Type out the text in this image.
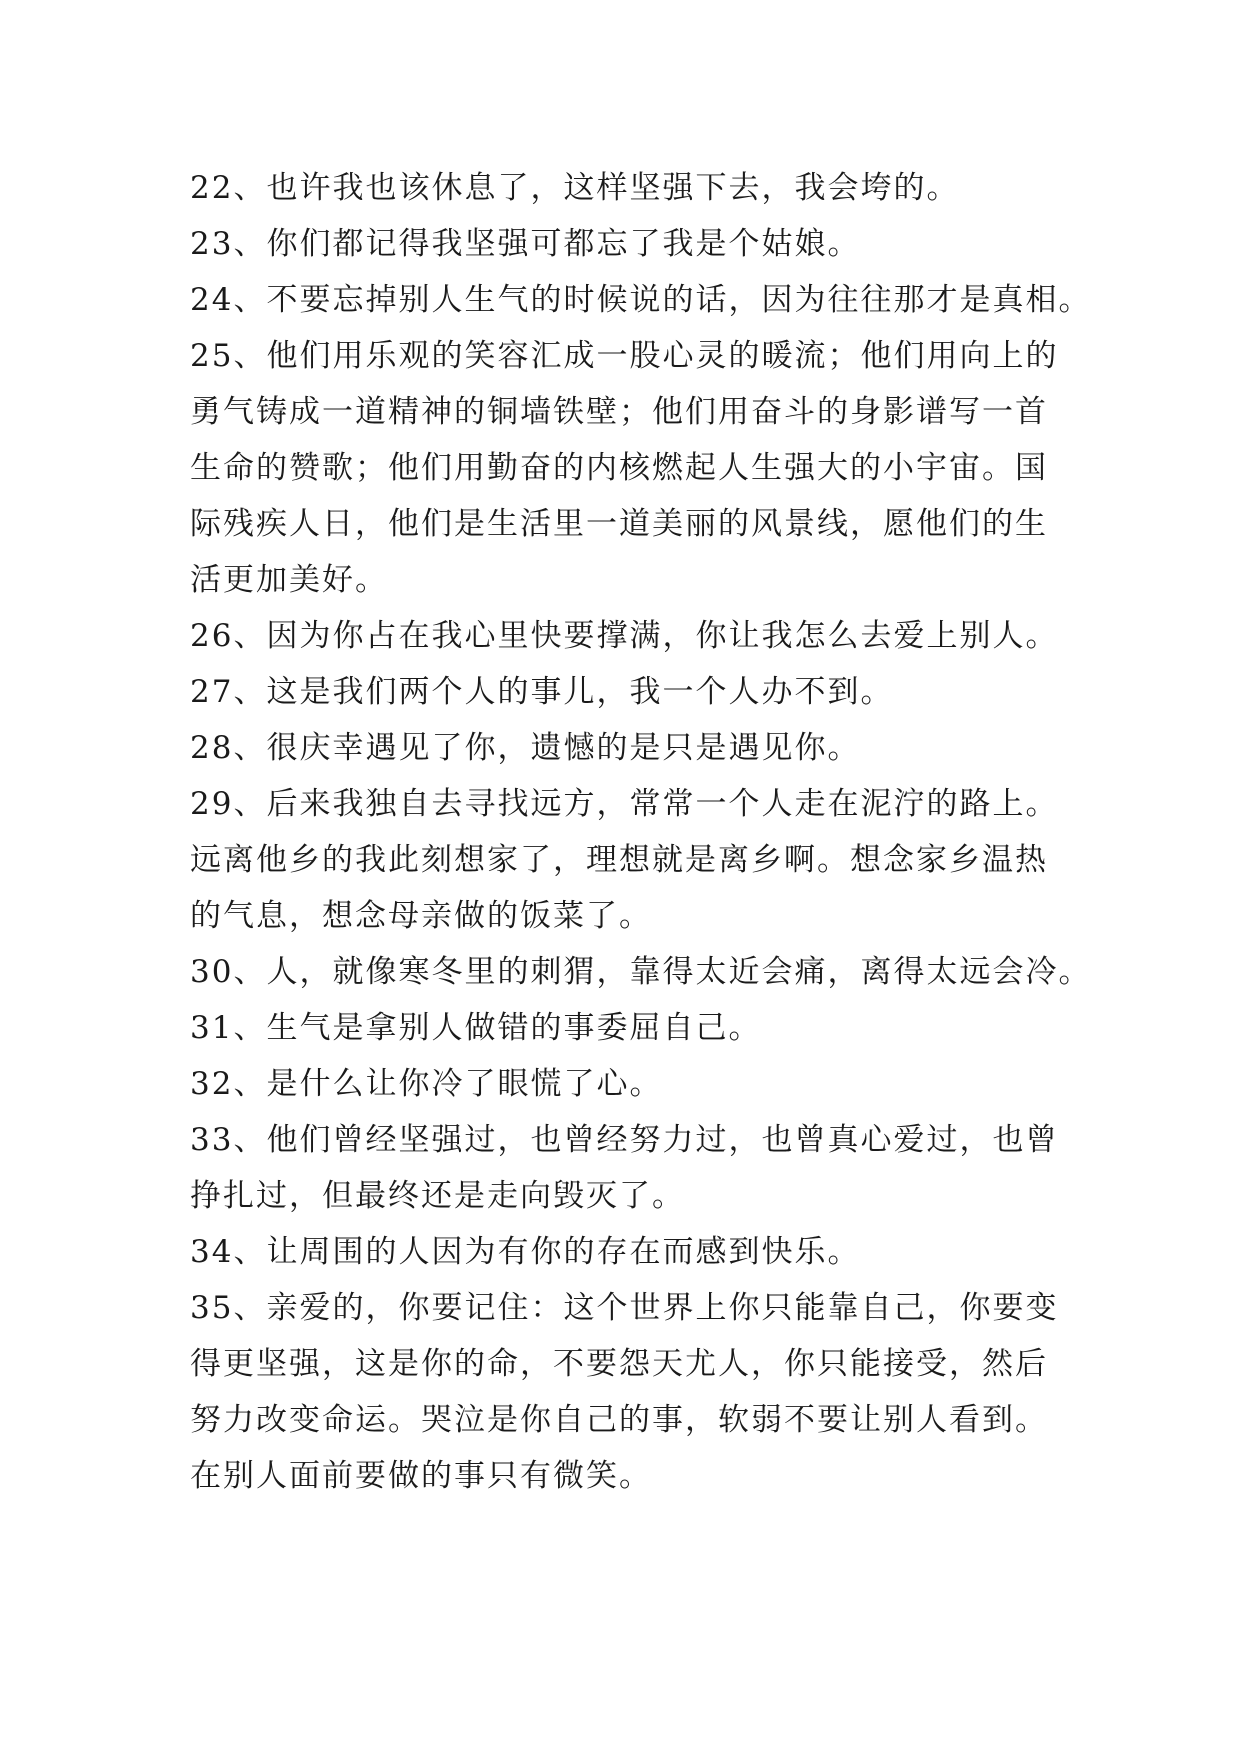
22、也许我也该休息了，这样坚强下去，我会垮的。
23、你们都记得我坚强可都忘了我是个姑娘。
24、不要忘掉别人生气的时候说的话，因为往往那才是真相。
25、他们用乐观的笑容汇成一股心灵的暖流；他们用向上的
勇气铸成一道精神的铜墙铁壁；他们用奋斗的身影谱写一首
生命的赞歌；他们用勤奋的内核燃起人生强大的小宇宙。国
际残疾人日，他们是生活里一道美丽的风景线，愿他们的生
活更加美好。
26、因为你占在我心里快要撑满，你让我怎么去爱上别人。
27、这是我们两个人的事儿，我一个人办不到。
28、很庆幸遇见了你，遗憾的是只是遇见你。
29、后来我独自去寻找远方，常常一个人走在泥泞的路上。
远离他乡的我此刻想家了，理想就是离乡啊。想念家乡温热
的气息，想念母亲做的饭菜了。
30、人，就像寒冬里的刺猬，靠得太近会痛，离得太远会冷。
31、生气是拿别人做错的事委屈自己。
32、是什么让你冷了眼慌了心。
33、他们曾经坚强过，也曾经努力过，也曾真心爱过，也曾
挣扎过，但最终还是走向毁灭了。
34、让周围的人因为有你的存在而感到快乐。
35、亲爱的，你要记住：这个世界上你只能靠自己，你要变
得更坚强，这是你的命，不要怨天尤人，你只能接受，然后
努力改变命运。哭泣是你自己的事，软弱不要让别人看到。
在别人面前要做的事只有微笑。
